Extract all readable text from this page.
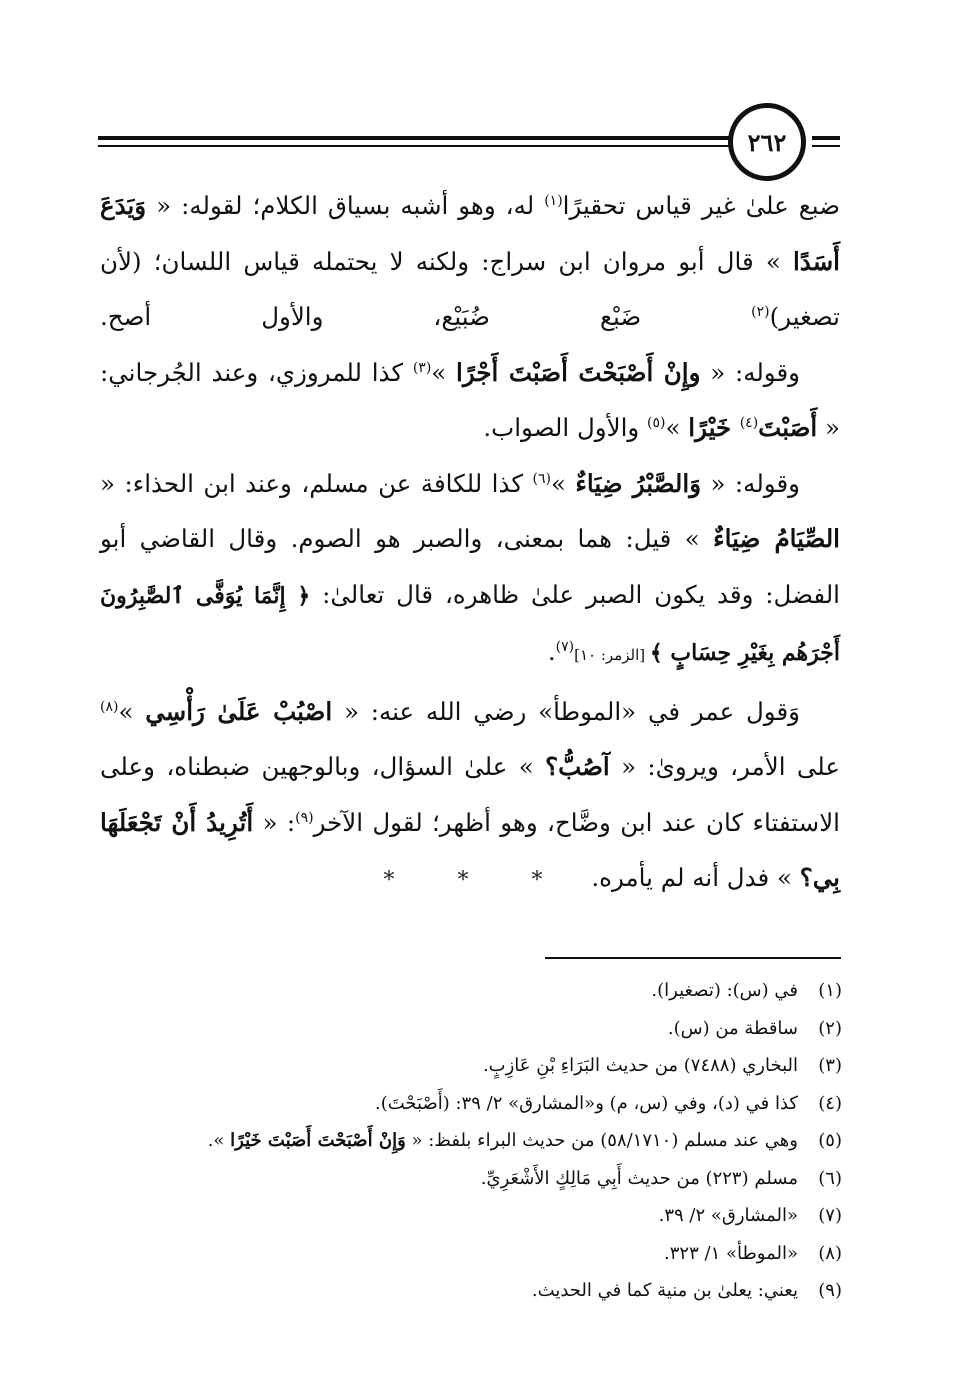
٢٦٢

ضبع علىٰ غير قياس تحقيرًا$^{(١)}$ له، وهو أشبه بسياق الكلام؛ لقوله: « وَيَدَعَ أَسَدًا » قال أبو مروان ابن سراج: ولكنه لا يحتمله قياس اللسان؛ (لأن تصغير)$^{(٢)}$ ضَبْع ضُبَيْع، والأول أصح.

وقوله: « وإِنْ أَصْبَحْتَ أَصَبْتَ أَجْرًا »$^{(٣)}$ كذا للمروزي، وعند الجُرجاني: « أَصَبْتَ$^{(٤)}$ خَيْرًا »$^{(٥)}$ والأول الصواب.

وقوله: « وَالصَّبْرُ ضِيَاءٌ »$^{(٦)}$ كذا للكافة عن مسلم، وعند ابن الحذاء: « الصِّيَامُ ضِيَاءٌ » قيل: هما بمعنى، والصبر هو الصوم. وقال القاضي أبو الفضل: وقد يكون الصبر علىٰ ظاهره، قال تعالىٰ: ﴿ إِنَّمَا يُوَفَّى ٱلصَّٰبِرُونَ أَجْرَهُم بِغَيْرِ حِسَابٍ ﴾ [الزمر: ١٠]$^{(٧)}$.

وَقول عمر في «الموطأ» رضي الله عنه: « اصْبُبْ عَلَىٰ رَأْسِي »$^{(٨)}$ على الأمر، ويروىٰ: « آصُبُّ؟ » علىٰ السؤال، وبالوجهين ضبطناه، وعلى الاستفتاء كان عند ابن وضَّاح، وهو أظهر؛ لقول الآخر$^{(٩)}$: « أَتُرِيدُ أَنْ تَجْعَلَهَا بِي؟ » فدل أنه لم يأمره.

* * *
(١)
في (س): (تصغيرا).
(٢)
ساقطة من (س).
(٣)
البخاري (٧٤٨٨) من حديث البَرَاءِ بْنِ عَازِبٍ.
(٤)
كذا في (د)، وفي (س، م) و«المشارق» ٢/ ٣٩: (أَصْبَحْتَ).
(٥)
وهي عند مسلم (٥٨/١٧١٠) من حديث البراء بلفظ: « وَإِنْ أَصْبَحْتَ أَصَبْتَ خَيْرًا ».
(٦)
مسلم (٢٢٣) من حديث أَبِي مَالِكٍ الأَشْعَرِيِّ.
(٧)
«المشارق» ٢/ ٣٩.
(٨)
«الموطأ» ١/ ٣٢٣.
(٩)
يعني: يعلىٰ بن منية كما في الحديث.
